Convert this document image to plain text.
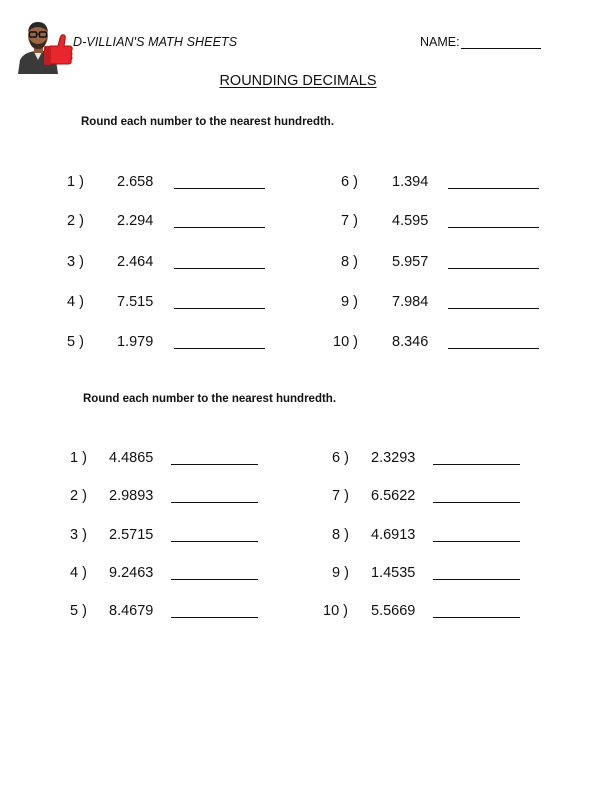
D-VILLIAN'S MATH SHEETS	NAME:
ROUNDING DECIMALS
Round each number to the nearest hundredth.
1 ) 2.658
2 ) 2.294
3 ) 2.464
4 ) 7.515
5 ) 1.979
6 ) 1.394
7 ) 4.595
8 ) 5.957
9 ) 7.984
10 ) 8.346
Round each number to the nearest hundredth.
1 ) 4.4865
2 ) 2.9893
3 ) 2.5715
4 ) 9.2463
5 ) 8.4679
6 ) 2.3293
7 ) 6.5622
8 ) 4.6913
9 ) 1.4535
10 ) 5.5669
